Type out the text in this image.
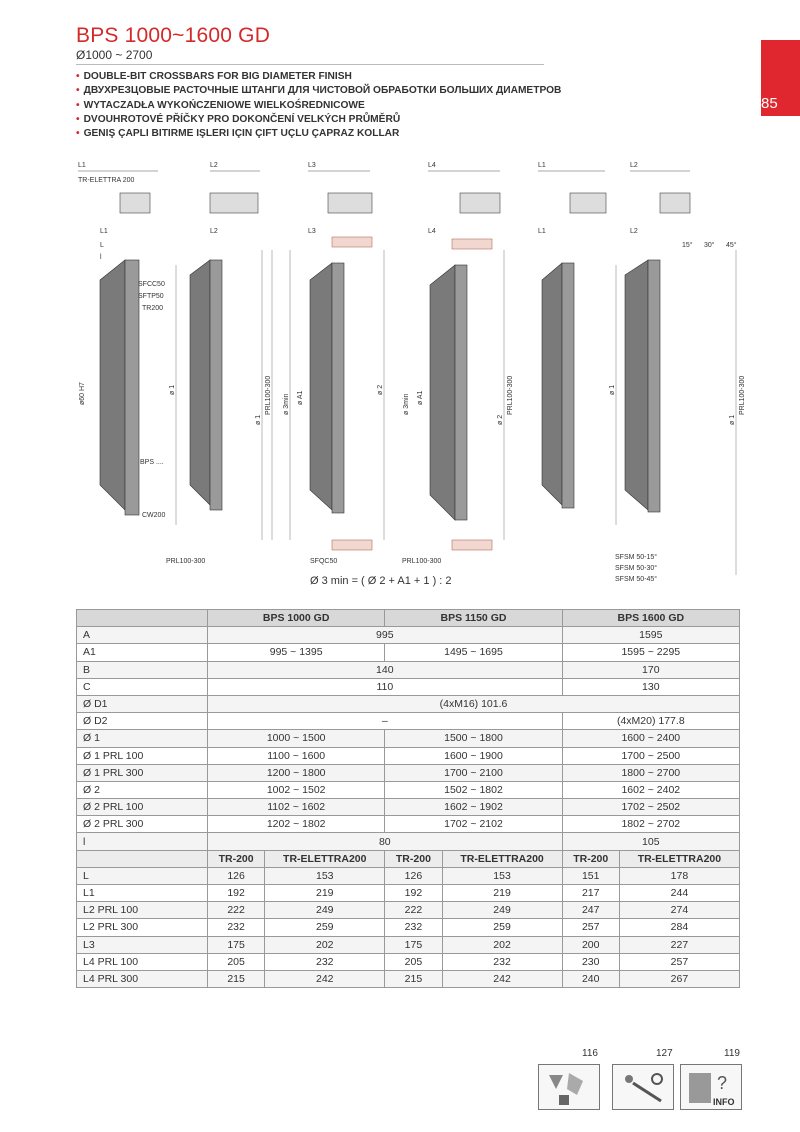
BPS 1000~1600 GD
Ø1000 ~ 2700
85
• DOUBLE-BIT CROSSBARS FOR BIG DIAMETER FINISH
• ДВУХРЕЗЦОВЫЕ РАСТОЧНЫЕ ШТАНГИ ДЛЯ ЧИСТОВОЙ ОБРАБОТКИ БОЛЬШИХ ДИАМЕТРОВ
• WYTACZADŁA WYKOŃCZENIOWE WIELKOŚREDNICOWE
• DVOUHROTOVÉ PŘÍČKY PRO DOKONČENÍ VELKÝCH PRŮMĚRŮ
• GENIŞ ÇAPLI BITIRME IŞLERI IÇIN ÇIFT UÇLU ÇAPRAZ KOLLAR
L1	L2	L3	L4	L1	L2
TR-ELETTRA 200
L1	L2	L3	L4	L1	L2
L
l
SFCC50
SFTP50
TR200
BPS ....
CW200
PRL100-300	SFQC50	PRL100-300
SFSM 50-15°
SFSM 50-30°
SFSM 50-45°
15° 30° 45°
ø60 H7	ø 1
ø 1
PRL100-300 ø 3min ø A1
ø 2
ø 3min ø A1
ø 2
PRL100-300	ø 1
ø 1
PRL100-300
Ø 3 min = ( Ø 2 + A1 + 1 ) : 2
	BPS 1000 GD		BPS 1150 GD		BPS 1600 GD	
A	995				1595	
A1	995 ~ 1395		1495 ~ 1695		1595 ~ 2295	
B	140				170	
C	110				130	
Ø D1	(4xM16) 101.6					
Ø D2	–				(4xM20) 177.8	
Ø 1	1000 ~ 1500		1500 ~ 1800		1600 ~ 2400	
Ø 1 PRL 100	1100 ~ 1600		1600 ~ 1900		1700 ~ 2500	
Ø 1 PRL 300	1200 ~ 1800		1700 ~ 2100		1800 ~ 2700	
Ø 2	1002 ~ 1502		1502 ~ 1802		1602 ~ 2402	
Ø 2 PRL 100	1102 ~ 1602		1602 ~ 1902		1702 ~ 2502	
Ø 2 PRL 300	1202 ~ 1802		1702 ~ 2102		1802 ~ 2702	
l	80				105	
	TR-200	TR-ELETTRA200	TR-200	TR-ELETTRA200	TR-200	TR-ELETTRA200
L	126	153	126	153	151	178
L1	192	219	192	219	217	244
L2 PRL 100	222	249	222	249	247	274
L2 PRL 300	232	259	232	259	257	284
L3	175	202	175	202	200	227
L4 PRL 100	205	232	205	232	230	257
L4 PRL 300	215	242	215	242	240	267
116	127	119
?
INFO
